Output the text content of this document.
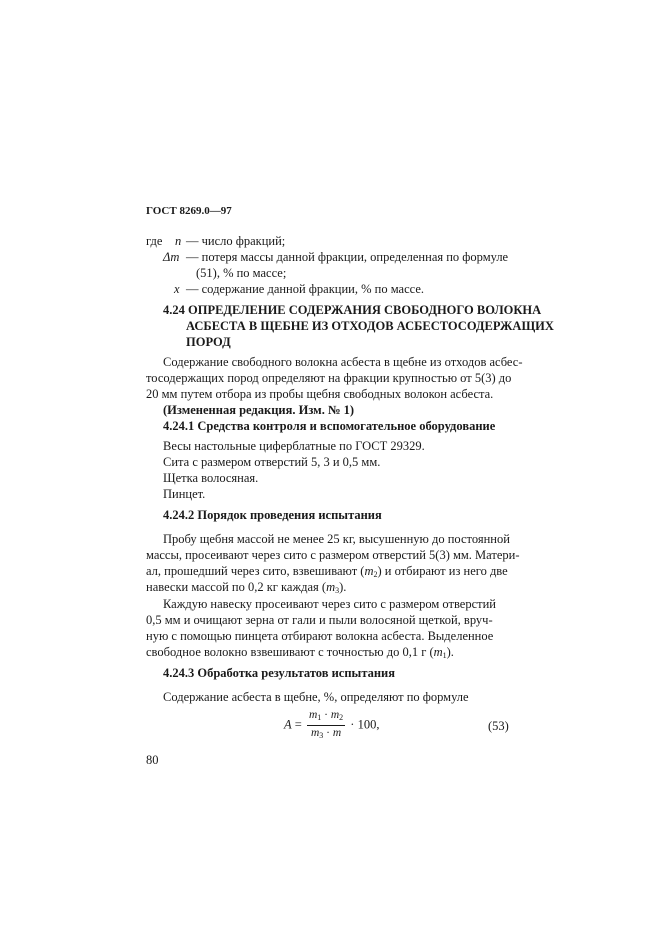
ГОСТ 8269.0—97
где n — число фракций;
Δm — потеря массы данной фракции, определенная по формуле
(51), % по массе;
x — содержание данной фракции, % по массе.
4.24 ОПРЕДЕЛЕНИЕ СОДЕРЖАНИЯ СВОБОДНОГО ВОЛОКНА
АСБЕСТА В ЩЕБНЕ ИЗ ОТХОДОВ АСБЕСТОСОДЕРЖАЩИХ
ПОРОД
Содержание свободного волокна асбеста в щебне из отходов асбес-
тосодержащих пород определяют на фракции крупностью от 5(3) до
20 мм путем отбора из пробы щебня свободных волокон асбеста.
(Измененная редакция. Изм. № 1)
4.24.1 Средства контроля и вспомогательное оборудование
Весы настольные циферблатные по ГОСТ 29329.
Сита с размером отверстий 5, 3 и 0,5 мм.
Щетка волосяная.
Пинцет.
4.24.2 Порядок проведения испытания
Пробу щебня массой не менее 25 кг, высушенную до постоянной
массы, просеивают через сито с размером отверстий 5(3) мм. Матери-
ал, прошедший через сито, взвешивают $(m_2)$ и отбирают из него две
навески массой по 0,2 кг каждая $(m_3)$.
Каждую навеску просеивают через сито с размером отверстий
0,5 мм и очищают зерна от гали и пыли волосяной щеткой, вруч-
ную с помощью пинцета отбирают волокна асбеста. Выделенное
свободное волокно взвешивают с точностью до 0,1 г $(m_1)$.
4.24.3 Обработка результатов испытания
Содержание асбеста в щебне, %, определяют по формуле
$A = \frac{m_1 \cdot m_2}{m_3 \cdot m} \cdot 100$,	(53)
80
